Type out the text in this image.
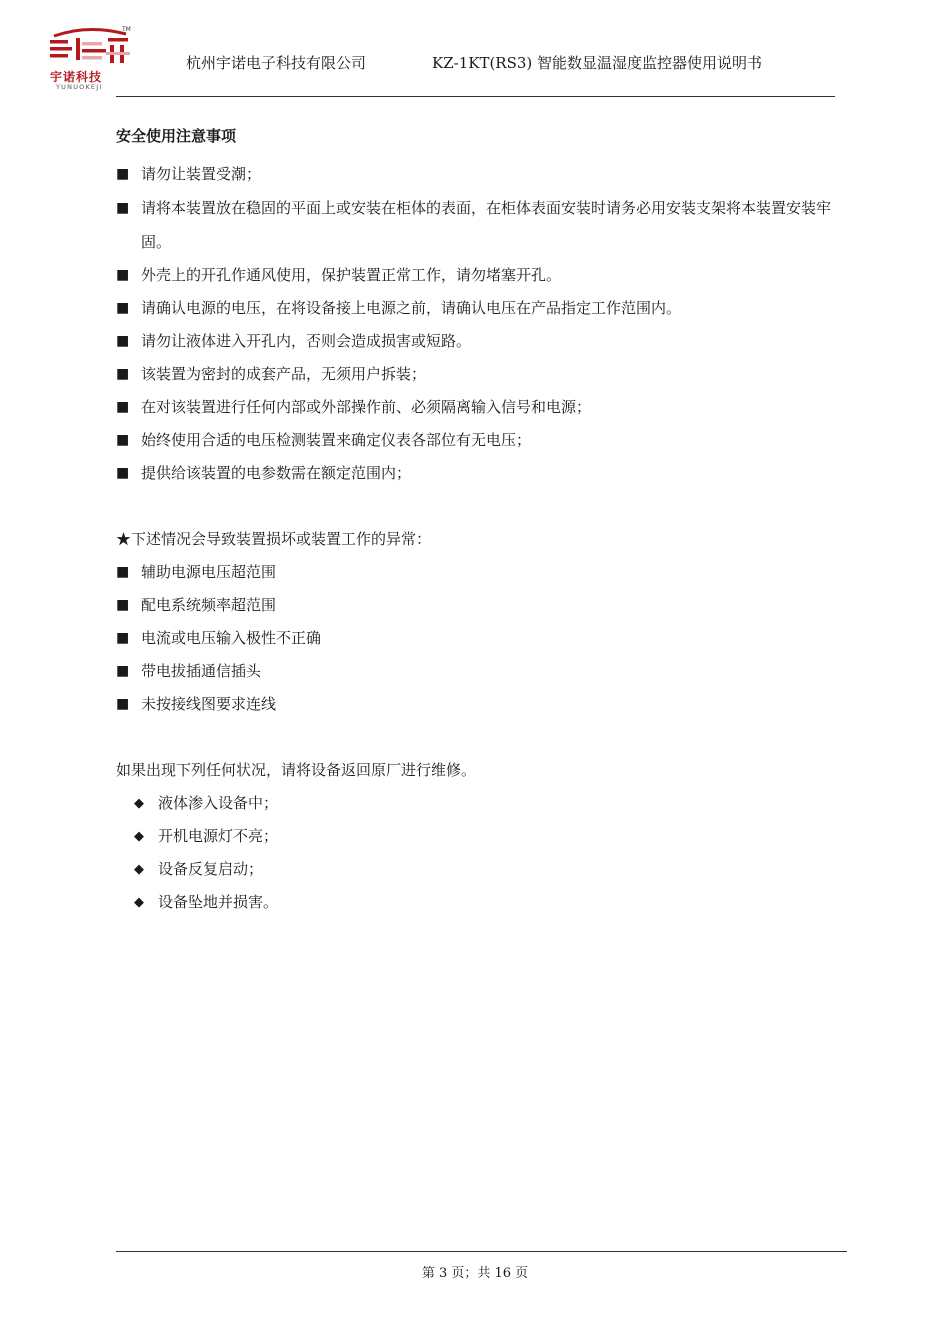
TM
宇诺科技
YUNUOKEJI
杭州宇诺电子科技有限公司	KZ-1KT(RS3) 智能数显温湿度监控器使用说明书
安全使用注意事项
■ 请勿让装置受潮；
■ 请将本装置放在稳固的平面上或安装在柜体的表面，在柜体表面安装时请务必用安装支架将本装置安装牢固。
■ 外壳上的开孔作通风使用，保护装置正常工作，请勿堵塞开孔。
■ 请确认电源的电压，在将设备接上电源之前，请确认电压在产品指定工作范围内。
■ 请勿让液体进入开孔内，否则会造成损害或短路。
■ 该装置为密封的成套产品，无须用户拆装；
■ 在对该装置进行任何内部或外部操作前、必须隔离输入信号和电源；
■ 始终使用合适的电压检测装置来确定仪表各部位有无电压；
■ 提供给该装置的电参数需在额定范围内；
★下述情况会导致装置损坏或装置工作的异常：
■ 辅助电源电压超范围
■ 配电系统频率超范围
■ 电流或电压输入极性不正确
■ 带电拔插通信插头
■ 未按接线图要求连线
如果出现下列任何状况，请将设备返回原厂进行维修。
◆ 液体渗入设备中；
◆ 开机电源灯不亮；
◆ 设备反复启动；
◆ 设备坠地并损害。
第 3 页；共 16 页
